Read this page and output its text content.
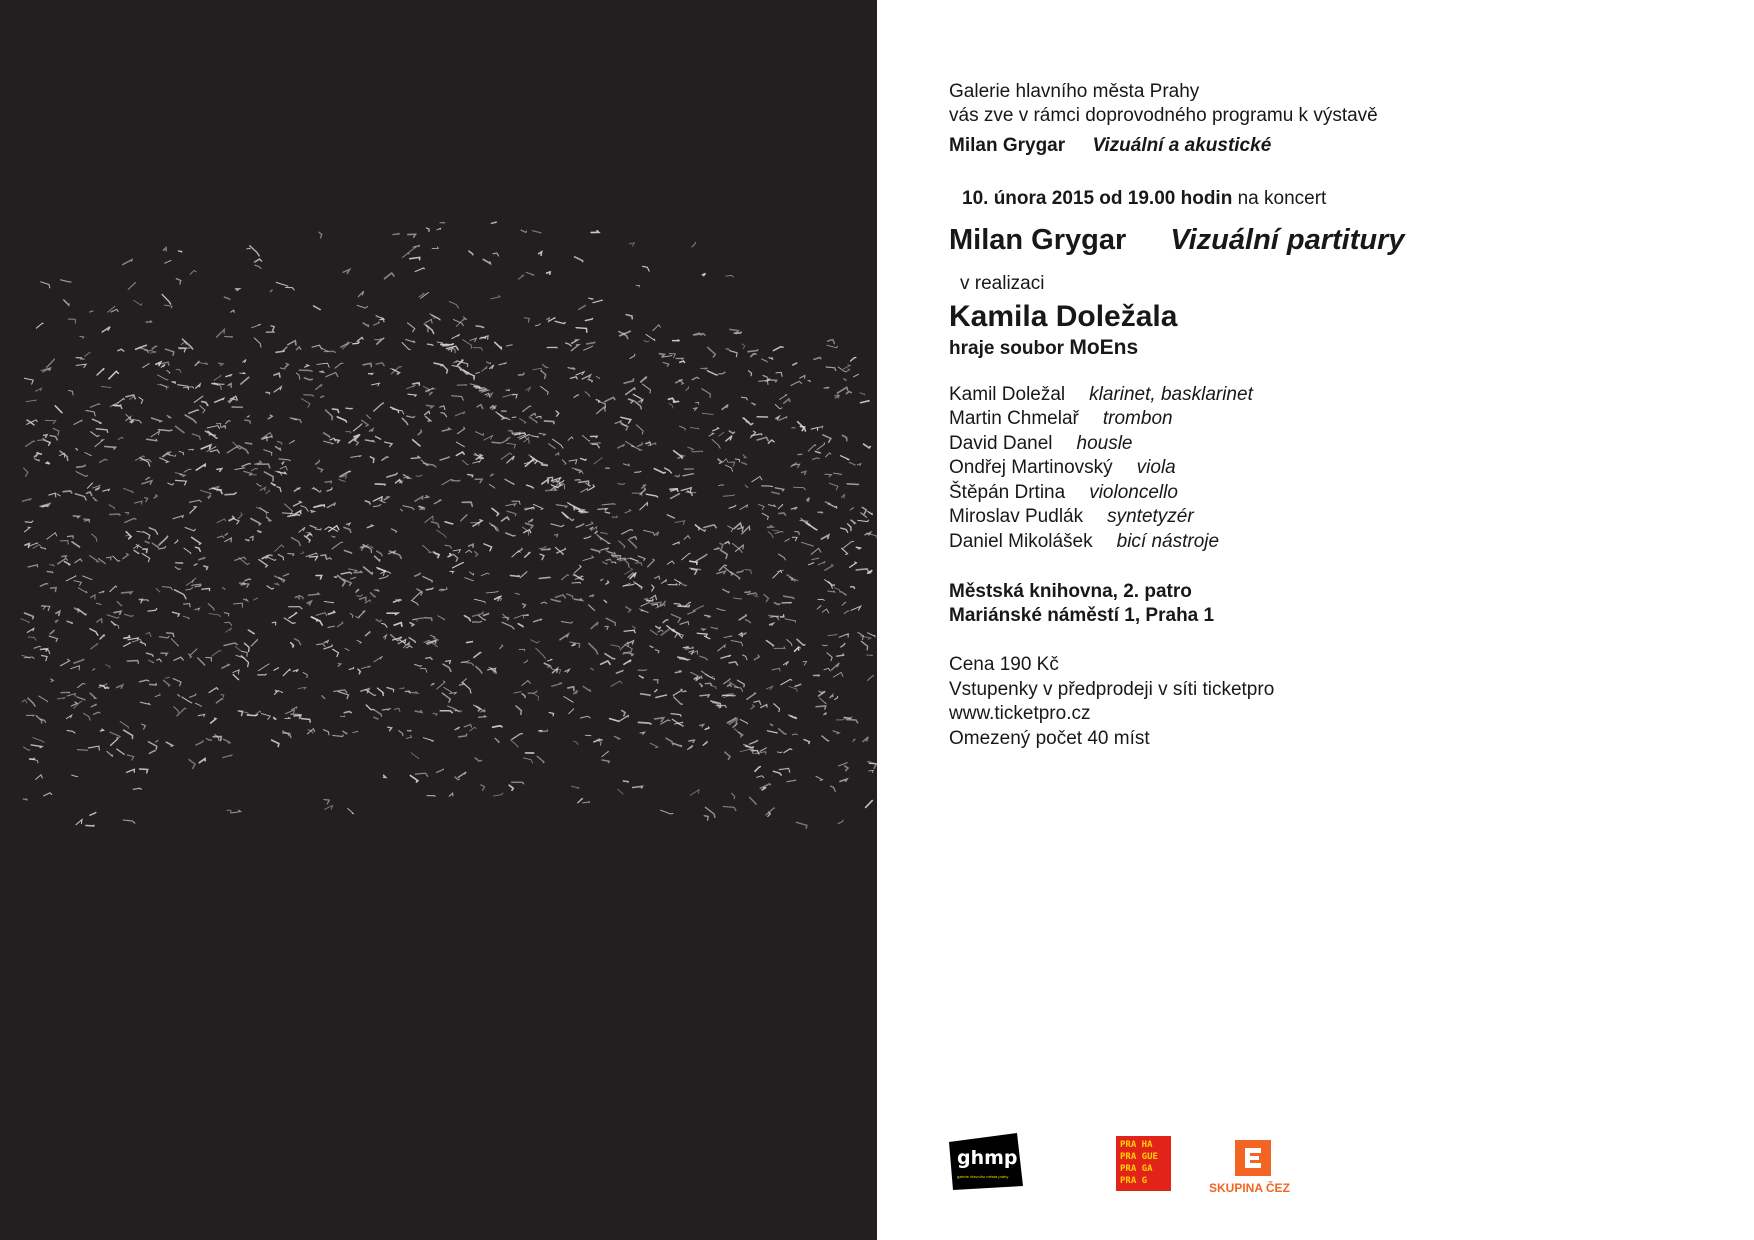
Galerie hlavního města Prahy

vás zve v rámci doprovodného programu k výstavě

Milan Grygar Vizuální a akustické
10. února 2015 od 19.00 hodin na koncert
Milan Grygar Vizuální partitury

v realizaci

Kamila Doležala

hraje soubor MoEns
Kamil Doležal klarinet, basklarinet
Martin Chmelař trombon
David Danel housle
Ondřej Martinovský viola
Štěpán Drtina violoncello
Miroslav Pudlák syntetyzér
Daniel Mikolášek bicí nástroje

Městská knihovna, 2. patro

Mariánské náměstí 1, Praha 1

Cena 190 Kč

Vstupenky v předprodeji v síti ticketpro

www.ticketpro.cz

Omezený počet 40 míst

ghmp
galerie hlavního města prahy
PRA HA
PRA GUE
PRA GA
PRA G	SKUPINA ČEZ
